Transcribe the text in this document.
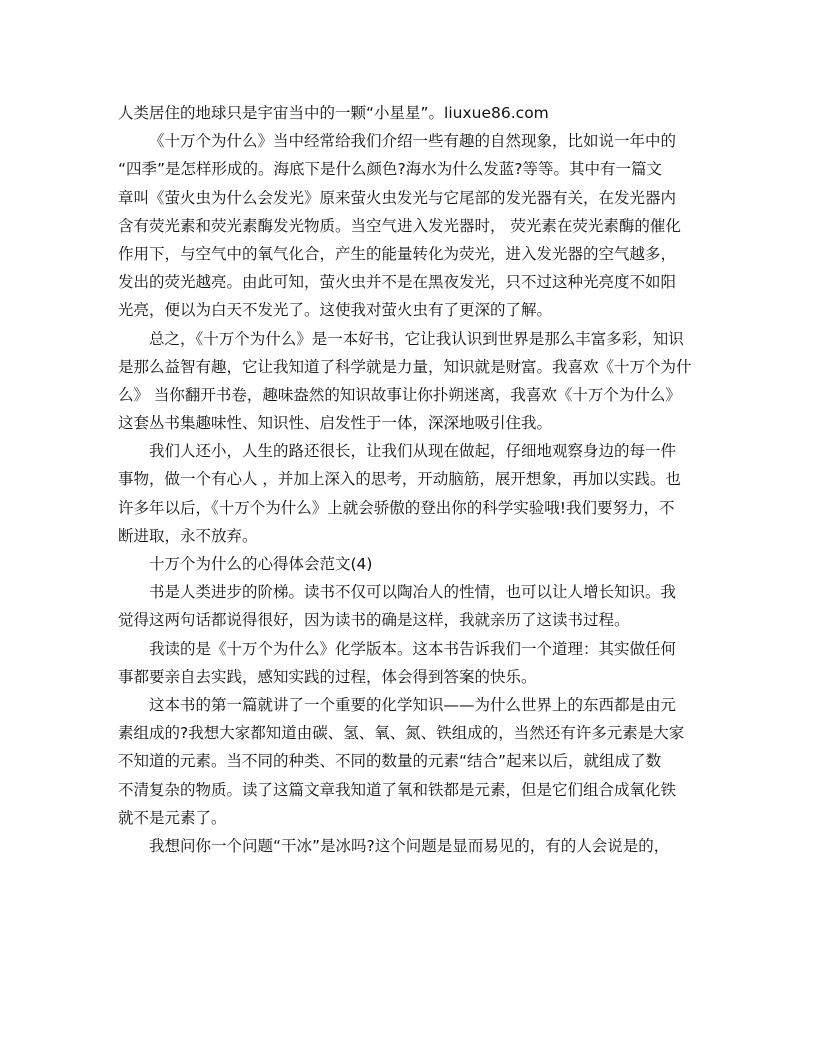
人类居住的地球只是宇宙当中的一颗“小星星”。liuxue86.com
《十万个为什么》当中经常给我们介绍一些有趣的自然现象，比如说一年中的
“四季”是怎样形成的。海底下是什么颜色?海水为什么发蓝?等等。其中有一篇文
章叫《萤火虫为什么会发光》原来萤火虫发光与它尾部的发光器有关，在发光器内
含有荧光素和荧光素酶发光物质。当空气进入发光器时， 荧光素在荧光素酶的催化
作用下，与空气中的氧气化合，产生的能量转化为荧光，进入发光器的空气越多，
发出的荧光越亮。由此可知，萤火虫并不是在黑夜发光，只不过这种光亮度不如阳
光亮，便以为白天不发光了。这使我对萤火虫有了更深的了解。
总之，《十万个为什么》是一本好书，它让我认识到世界是那么丰富多彩，知识
是那么益智有趣，它让我知道了科学就是力量，知识就是财富。我喜欢《十万个为什
么》 当你翻开书卷，趣味盎然的知识故事让你扑朔迷离，我喜欢《十万个为什么》
这套丛书集趣味性、知识性、启发性于一体，深深地吸引住我。
我们人还小，人生的路还很长，让我们从现在做起，仔细地观察身边的每一件
事物，做一个有心人 ，并加上深入的思考，开动脑筋，展开想象，再加以实践。也
许多年以后，《十万个为什么》上就会骄傲的登出你的科学实验哦!我们要努力，不
断进取，永不放弃。
十万个为什么的心得体会范文(4)
书是人类进步的阶梯。读书不仅可以陶冶人的性情，也可以让人增长知识。我
觉得这两句话都说得很好，因为读书的确是这样，我就亲历了这读书过程。
我读的是《十万个为什么》化学版本。这本书告诉我们一个道理：其实做任何
事都要亲自去实践，感知实践的过程，体会得到答案的快乐。
这本书的第一篇就讲了一个重要的化学知识——为什么世界上的东西都是由元
素组成的?我想大家都知道由碳、氢、氧、氮、铁组成的，当然还有许多元素是大家
不知道的元素。当不同的种类、不同的数量的元素“结合”起来以后，就组成了数
不清复杂的物质。读了这篇文章我知道了氧和铁都是元素，但是它们组合成氧化铁
就不是元素了。
我想问你一个问题“干冰”是冰吗?这个问题是显而易见的，有的人会说是的，
